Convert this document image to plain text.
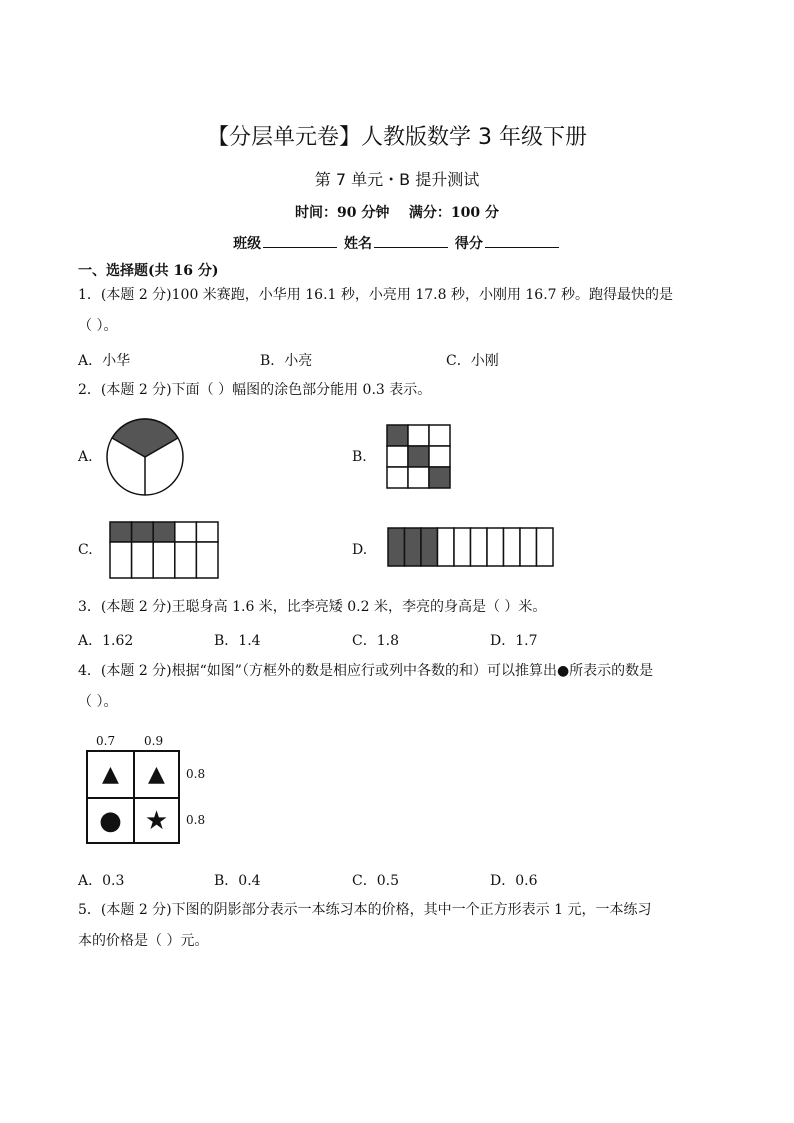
【分层单元卷】人教版数学 3 年级下册
第 7 单元・B 提升测试
时间：90 分钟 满分：100 分
班级	姓名	得分
一、选择题(共 16 分)
1．(本题 2 分)100 米赛跑，小华用 16.1 秒，小亮用 17.8 秒，小刚用 16.7 秒。跑得最快的是
（ ）。
A．小华	B．小亮	C．小刚
2．(本题 2 分)下面（ ）幅图的涂色部分能用 0.3 表示。
A.	B.
C.	D.
3．(本题 2 分)王聪身高 1.6 米，比李亮矮 0.2 米，李亮的身高是（ ）米。
A．1.62	B．1.4	C．1.8	D．1.7
4．(本题 2 分)根据“如图”（方框外的数是相应行或列中各数的和）可以推算出●所表示的数是
（ ）。
0.7 0.9
▲	▲
● ★
0.8
0.8
A．0.3	B．0.4	C．0.5	D．0.6
5．(本题 2 分)下图的阴影部分表示一本练习本的价格，其中一个正方形表示 1 元，一本练习
本的价格是（ ）元。
